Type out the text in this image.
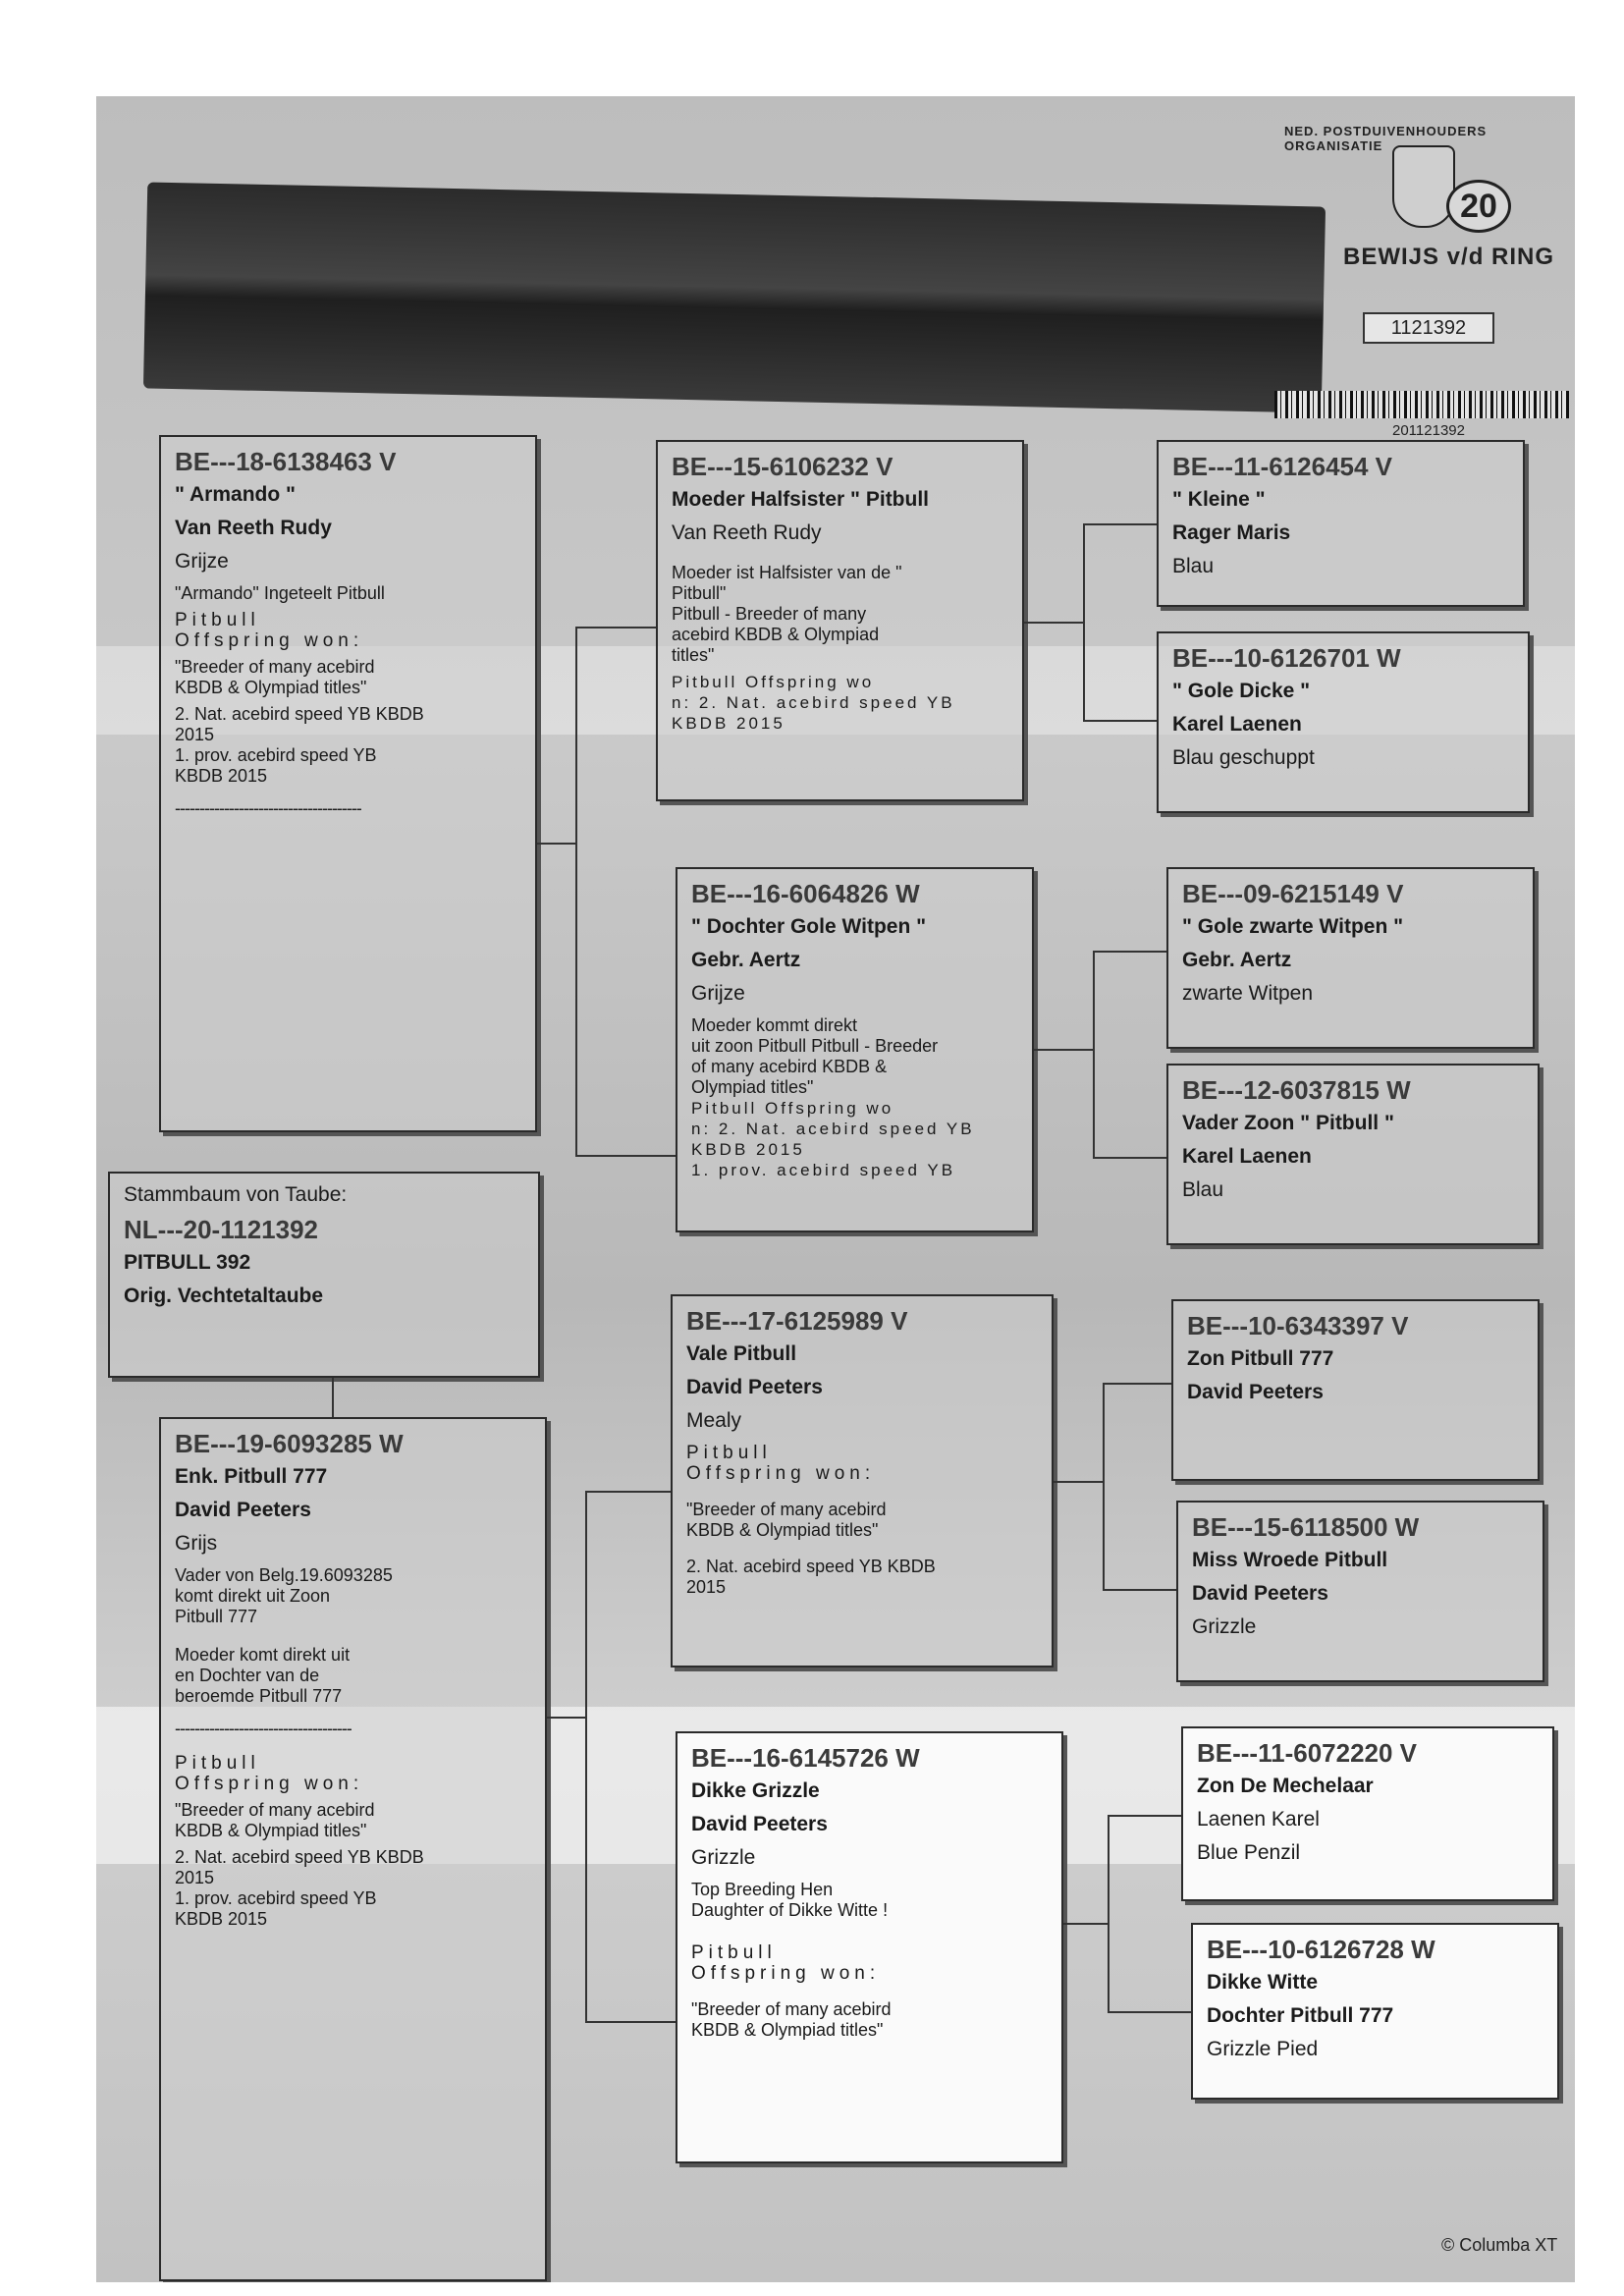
NED. POSTDUIVENHOUDERS ORGANISATIE
20
BEWIJS v/d RING
1121392
201121392
BE---18-6138463 V
" Armando "
Van Reeth Rudy
Grijze
"Armando" Ingeteelt Pitbull
Pitbull
Offspring won:
"Breeder of many acebird
KBDB & Olympiad titles"
2. Nat. acebird speed YB KBDB
2015
1. prov. acebird speed YB
KBDB 2015
--------------------------------------
Stammbaum von Taube:
NL---20-1121392
PITBULL 392
Orig. Vechtetaltaube
BE---19-6093285 W
Enk. Pitbull 777
David Peeters
Grijs
Vader von Belg.19.6093285
komt direkt uit Zoon
Pitbull 777
Moeder komt direkt uit
en Dochter van de
beroemde Pitbull 777
------------------------------------
Pitbull
Offspring won:
"Breeder of many acebird
KBDB & Olympiad titles"
2. Nat. acebird speed YB KBDB
2015
1. prov. acebird speed YB
KBDB 2015
BE---15-6106232 V
Moeder Halfsister " Pitbull
Van Reeth Rudy
Moeder ist Halfsister van de "
Pitbull"
Pitbull - Breeder of many
acebird KBDB & Olympiad
titles"
Pitbull Offspring wo
n: 2. Nat. acebird speed YB
KBDB 2015
BE---16-6064826 W
" Dochter Gole Witpen "
Gebr. Aertz
Grijze
Moeder kommt direkt
uit zoon Pitbull Pitbull - Breeder
of many acebird KBDB &
Olympiad titles"
Pitbull Offspring wo
n: 2. Nat. acebird speed YB
KBDB 2015
1. prov. acebird speed YB
BE---17-6125989 V
Vale Pitbull
David Peeters
Mealy
Pitbull
Offspring won:
"Breeder of many acebird
KBDB & Olympiad titles"
2. Nat. acebird speed YB KBDB
2015
BE---16-6145726 W
Dikke Grizzle
David Peeters
Grizzle
Top Breeding Hen
Daughter of Dikke Witte !
Pitbull
Offspring won:
"Breeder of many acebird
KBDB & Olympiad titles"
BE---11-6126454 V
" Kleine "
Rager Maris
Blau
BE---10-6126701 W
" Gole Dicke "
Karel Laenen
Blau geschuppt
BE---09-6215149 V
" Gole zwarte Witpen "
Gebr. Aertz
zwarte Witpen
BE---12-6037815 W
Vader Zoon " Pitbull "
Karel Laenen
Blau
BE---10-6343397 V
Zon Pitbull 777
David Peeters
BE---15-6118500 W
Miss Wroede Pitbull
David Peeters
Grizzle
BE---11-6072220 V
Zon De Mechelaar
Laenen Karel
Blue Penzil
BE---10-6126728 W
Dikke Witte
Dochter Pitbull 777
Grizzle Pied
© Columba XT
